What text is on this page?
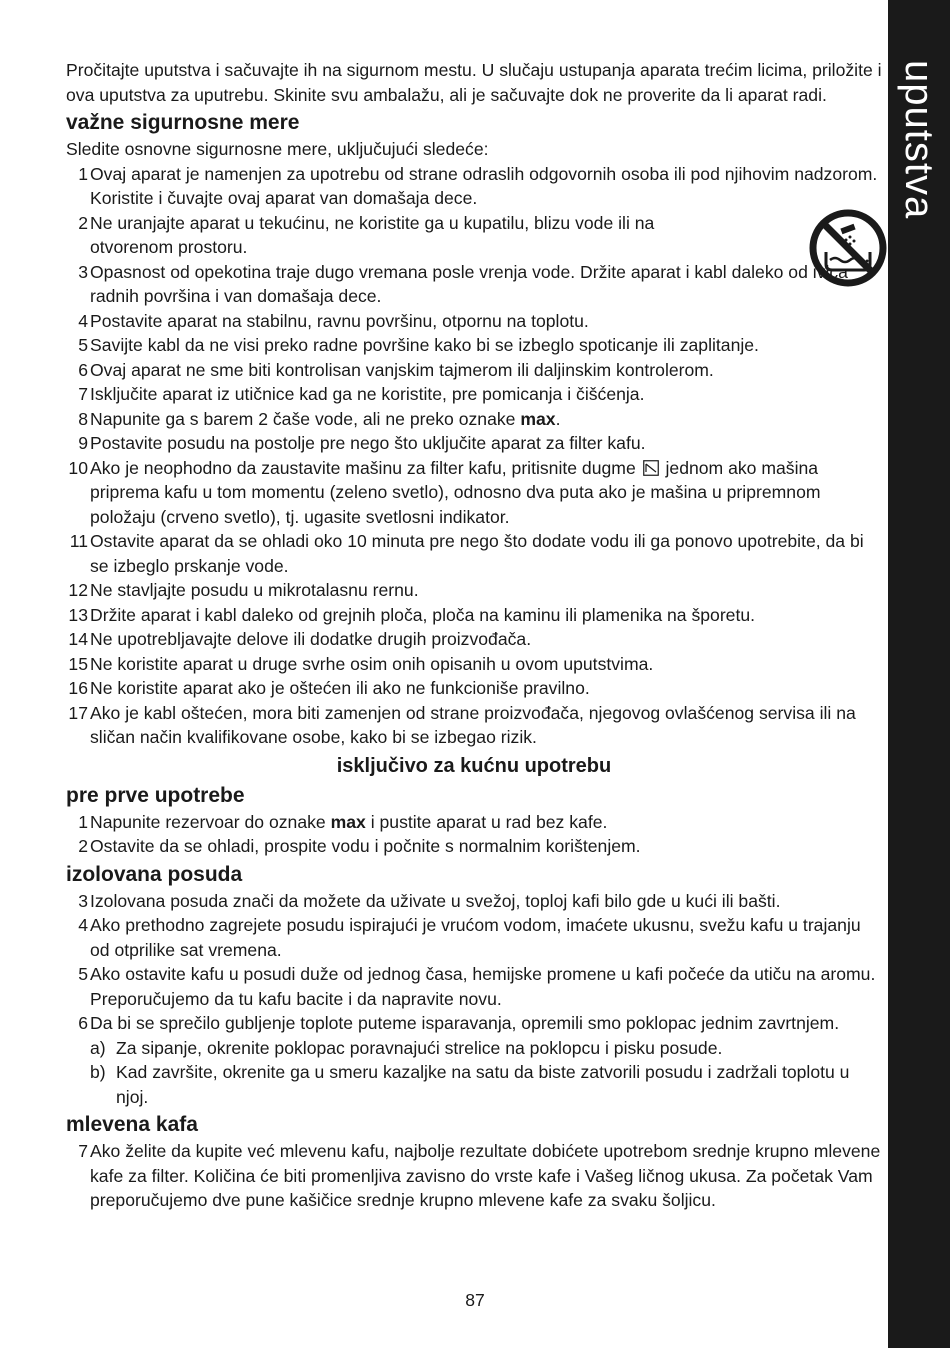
uputstva

Pročitajte uputstva i sačuvajte ih na sigurnom mestu. U slučaju ustupanja aparata trećim licima, priložite i ova uputstva za uputrebu. Skinite svu ambalažu, ali je sačuvajte dok ne proverite da li aparat radi.

važne sigurnosne mere

Sledite osnovne sigurnosne mere, uključujući sledeće:

1 Ovaj aparat je namenjen za upotrebu od strane odraslih odgovornih osoba ili pod njihovim nadzorom. Koristite i čuvajte ovaj aparat van domašaja dece.
2 Ne uranjajte aparat u tekućinu, ne koristite ga u kupatilu, blizu vode ili na otvorenom prostoru.
3 Opasnost od opekotina traje dugo vremana posle vrenja vode. Držite aparat i kabl daleko od ivica radnih površina i van domašaja dece.
4 Postavite aparat na stabilnu, ravnu površinu, otpornu na toplotu.
5 Savijte kabl da ne visi preko radne površine kako bi se izbeglo spoticanje ili zaplitanje.
6 Ovaj aparat ne sme biti kontrolisan vanjskim tajmerom ili daljinskim kontrolerom.
7 Isključite aparat iz utičnice kad ga ne koristite, pre pomicanja i čišćenja.
8 Napunite ga s barem 2 čaše vode, ali ne preko oznake max.
9 Postavite posudu na postolje pre nego što uključite aparat za filter kafu.
10 Ako je neophodno da zaustavite mašinu za filter kafu, pritisnite dugme  jednom ako mašina priprema kafu u tom momentu (zeleno svetlo), odnosno dva puta ako je mašina u pripremnom položaju (crveno svetlo), tj. ugasite svetlosni indikator.
11 Ostavite aparat da se ohladi oko 10 minuta pre nego što dodate vodu ili ga ponovo upotrebite, da bi se izbeglo prskanje vode.
12 Ne stavljajte posudu u mikrotalasnu rernu.
13 Držite aparat i kabl daleko od grejnih ploča, ploča na kaminu ili plamenika na šporetu.
14 Ne upotrebljavajte delove ili dodatke drugih proizvođača.
15 Ne koristite aparat u druge svrhe osim onih opisanih u ovom uputstvima.
16 Ne koristite aparat ako je oštećen ili ako ne funkcioniše pravilno.
17 Ako je kabl oštećen, mora biti zamenjen od strane proizvođača, njegovog ovlašćenog servisa ili na sličan način kvalifikovane osobe, kako bi se izbegao rizik.

isključivo za kućnu upotrebu

pre prve upotrebe
1 Napunite rezervoar do oznake max i pustite aparat u rad bez kafe.
2 Ostavite da se ohladi, prospite vodu i počnite s normalnim korištenjem.
izolovana posuda
3 Izolovana posuda znači da možete da uživate u svežoj, toploj kafi bilo gde u kući ili bašti.
4 Ako prethodno zagrejete posudu ispirajući je vrućom vodom, imaćete ukusnu, svežu kafu u trajanju od otprilike sat vremena.
5 Ako ostavite kafu u posudi duže od jednog časa, hemijske promene u kafi počeće da utiču na aromu. Preporučujemo da tu kafu bacite i da napravite novu.
6 Da bi se sprečilo gubljenje toplote puteme isparavanja, opremili smo poklopac jednim zavrtnjem.
a) Za sipanje, okrenite poklopac poravnajući strelice na poklopcu i pisku posude.
b) Kad završite, okrenite ga u smeru kazaljke na satu da biste zatvorili posudu i zadržali toplotu u njoj.
mlevena kafa
7 Ako želite da kupite već mlevenu kafu, najbolje rezultate dobićete upotrebom srednje krupno mlevene kafe za filter. Količina će biti promenljiva zavisno do vrste kafe i Vašeg ličnog ukusa. Za početak Vam preporučujemo dve pune kašičice srednje krupno mlevene kafe za svaku šoljicu.
87
